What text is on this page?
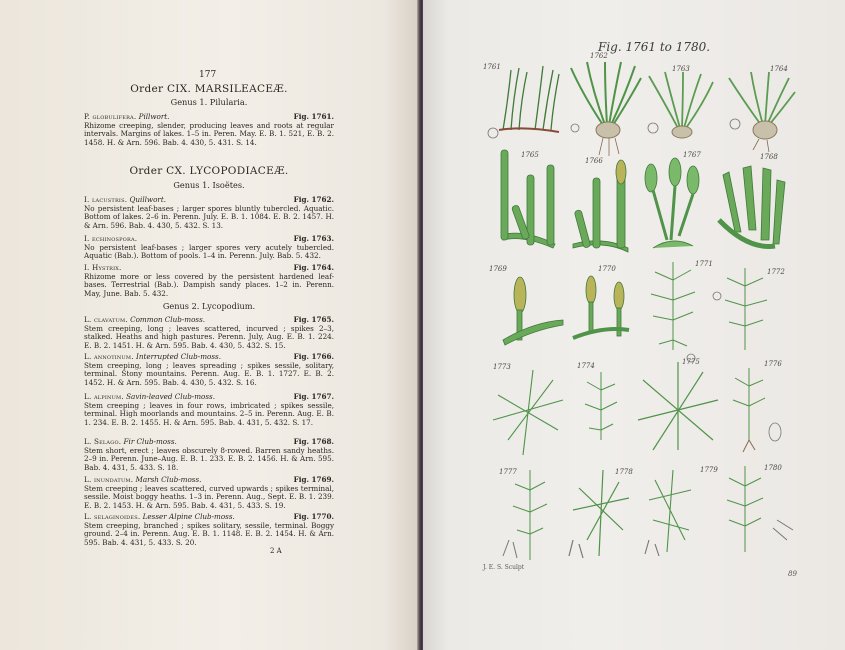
177
Order CIX. MARSILEACEÆ.
Genus 1. Pilularia.
P. globulifera. Pillwort.	Fig. 1761.
Rhizome creeping, slender, producing leaves and roots at regular intervals. Margins of lakes. 1–5 in. Peren. May. E. B. 1. 521, E. B. 2. 1458. H. & Arn. 596. Bab. 4. 430, 5. 431. S. 14.
Order CX. LYCOPODIACEÆ.
Genus 1. Isoëtes.
I. lacustris. Quillwort.	Fig. 1762.
No persistent leaf-bases ; larger spores bluntly tubercled. Aquatic. Bottom of lakes. 2–6 in. Perenn. July. E. B. 1. 1084. E. B. 2. 1457. H. & Arn. 596. Bab. 4. 430, 5. 432. S. 13.
I. echinospora.	Fig. 1763.
No persistent leaf-bases ; larger spores very acutely tubercled. Aquatic (Bab.). Bottom of pools. 1–4 in. Perenn. July. Bab. 5. 432.
I. Hystrix.	Fig. 1764.
Rhizome more or less covered by the persistent hardened leaf-bases. Terrestrial (Bab.). Dampish sandy places. 1–2 in. Perenn. May, June. Bab. 5. 432.
Genus 2. Lycopodium.
L. clavatum. Common Club-moss.	Fig. 1765.
Stem creeping, long ; leaves scattered, incurved ; spikes 2–3, stalked. Heaths and high pastures. Perenn. July, Aug. E. B. 1. 224. E. B. 2. 1451. H. & Arn. 595. Bab. 4. 430, 5. 432. S. 15.
L. annotinum. Interrupted Club-moss.	Fig. 1766.
Stem creeping, long ; leaves spreading ; spikes sessile, solitary, terminal. Stony mountains. Perenn. Aug. E. B. 1. 1727. E. B. 2. 1452. H. & Arn. 595. Bab. 4. 430, 5. 432. S. 16.
L. alpinum. Savin-leaved Club-moss.	Fig. 1767.
Stem creeping ; leaves in four rows, imbricated ; spikes sessile, terminal. High moorlands and mountains. 2–5 in. Perenn. Aug. E. B. 1. 234. E. B. 2. 1455. H. & Arn. 595. Bab. 4. 431, 5. 432. S. 17.
L. Selago. Fir Club-moss.	Fig. 1768.
Stem short, erect ; leaves obscurely 8-rowed. Barren sandy heaths. 2–9 in. Perenn. June–Aug. E. B. 1. 233. E. B. 2. 1456. H. & Arn. 595. Bab. 4. 431, 5. 433. S. 18.
L. inundatum. Marsh Club-moss.	Fig. 1769.
Stem creeping ; leaves scattered, curved upwards ; spikes terminal, sessile. Moist boggy heaths. 1–3 in. Perenn. Aug., Sept. E. B. 1. 239. E. B. 2. 1453. H. & Arn. 595. Bab. 4. 431, 5. 433. S. 19.
L. selaginoides. Lesser Alpine Club-moss.	Fig. 1770.
Stem creeping, branched ; spikes solitary, sessile, terminal. Boggy ground. 2–4 in. Perenn. Aug. E. B. 1. 1148. E. B. 2. 1454. H. & Arn. 595. Bab. 4. 431, 5. 433. S. 20.
2 A
Fig. 1761 to 1780.
1761
1762
1763	1764
1765
1766
1767	1768
1769	1770
1771
1772
1773	1774	1775	1776
1777	1778	1779	1780
J. E. S. Sculpt
89
